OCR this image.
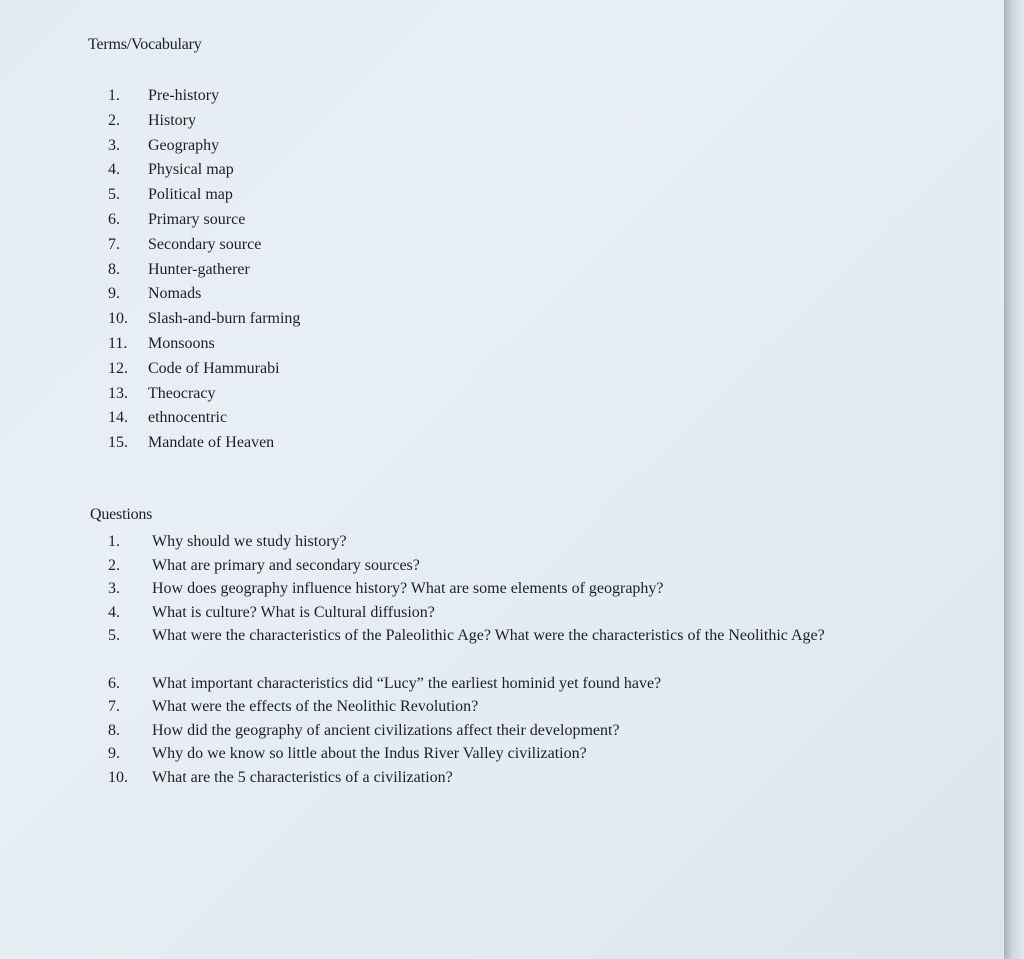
Terms/Vocabulary
1. Pre-history
2. History
3. Geography
4. Physical map
5. Political map
6. Primary source
7. Secondary source
8. Hunter-gatherer
9. Nomads
10. Slash-and-burn farming
11. Monsoons
12. Code of Hammurabi
13. Theocracy
14. ethnocentric
15. Mandate of Heaven
Questions
1. Why should we study history?
2. What are primary and secondary sources?
3. How does geography influence history? What are some elements of geography?
4. What is culture? What is Cultural diffusion?
5. What were the characteristics of the Paleolithic Age? What were the characteristics of the Neolithic Age?
6. What important characteristics did “Lucy” the earliest hominid yet found have?
7. What were the effects of the Neolithic Revolution?
8. How did the geography of ancient civilizations affect their development?
9. Why do we know so little about the Indus River Valley civilization?
10. What are the 5 characteristics of a civilization?
